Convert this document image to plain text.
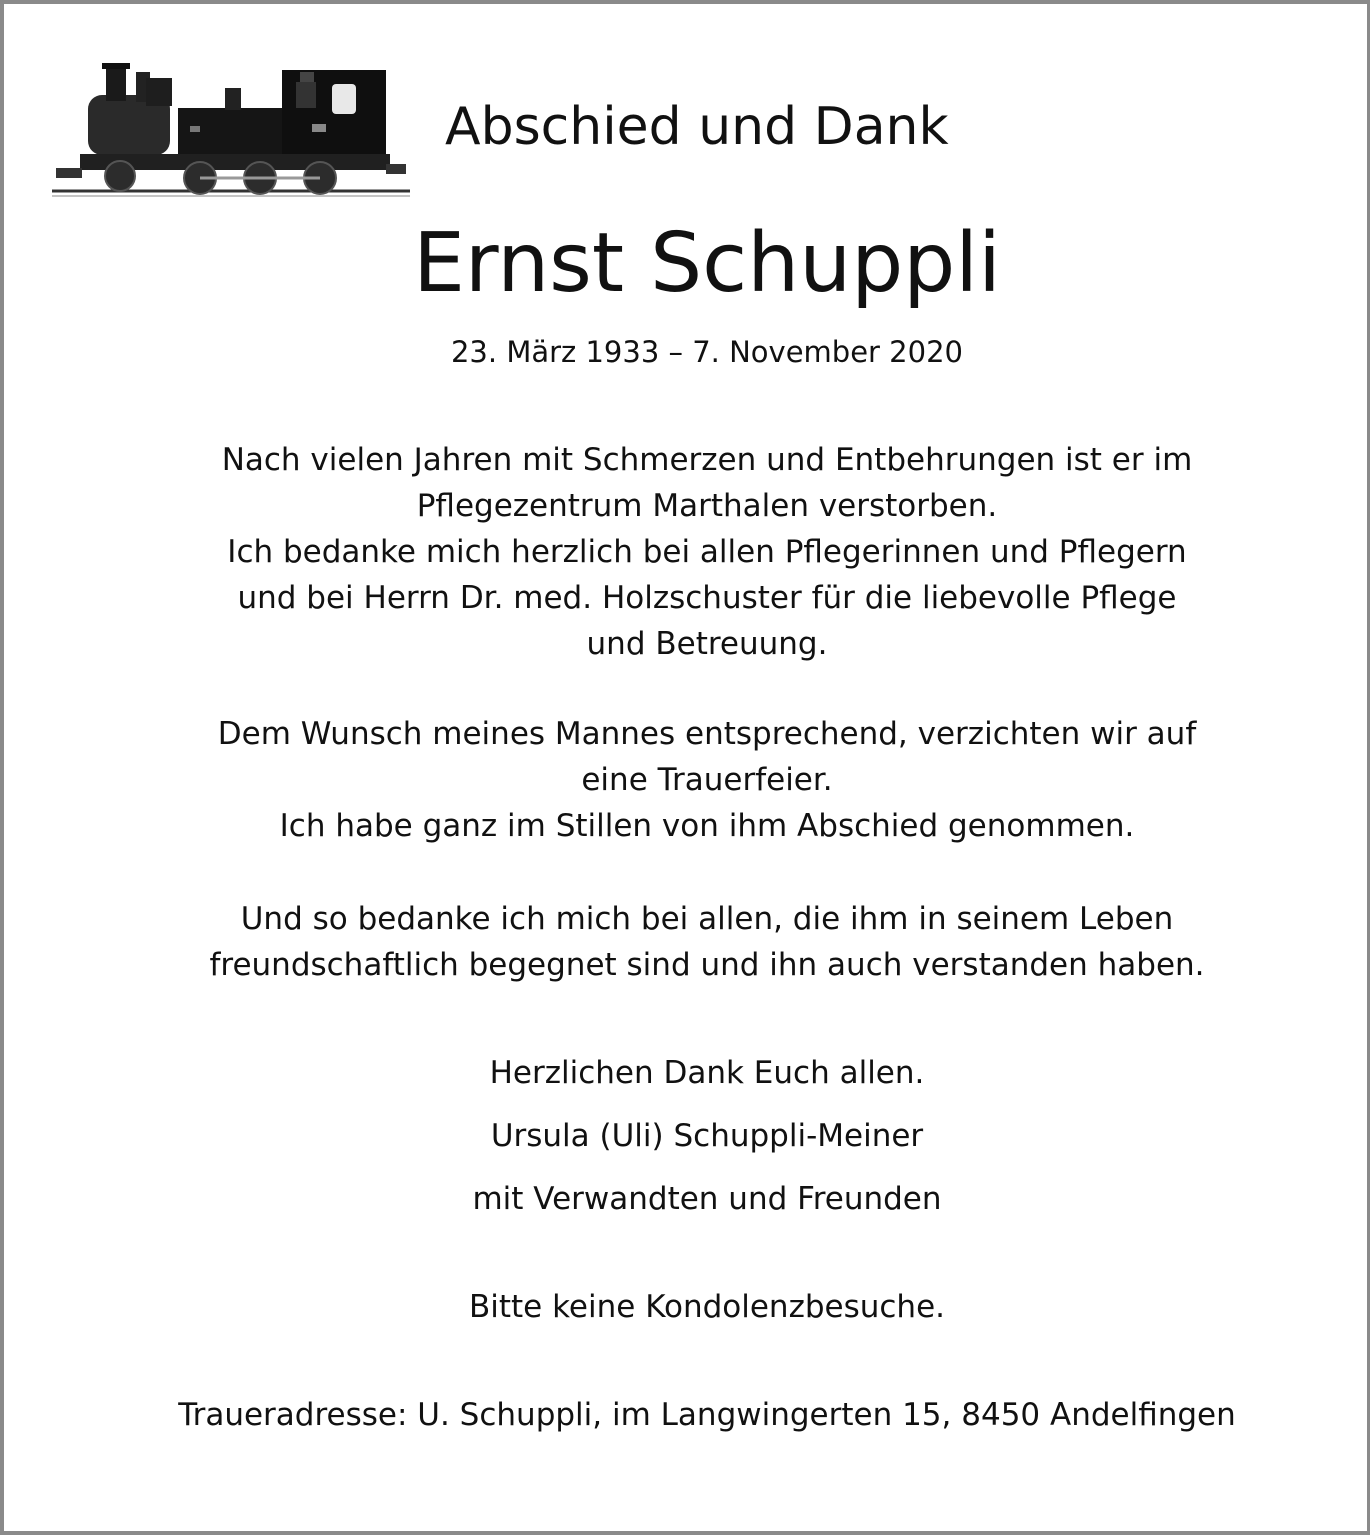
Abschied und Dank
Ernst Schuppli
23. März 1933 – 7. November 2020
Nach vielen Jahren mit Schmerzen und Entbehrungen ist er im
Pflegezentrum Marthalen verstorben.
Ich bedanke mich herzlich bei allen Pflegerinnen und Pflegern
und bei Herrn Dr. med. Holzschuster für die liebevolle Pflege
und Betreuung.
Dem Wunsch meines Mannes entsprechend, verzichten wir auf
eine Trauerfeier.
Ich habe ganz im Stillen von ihm Abschied genommen.
Und so bedanke ich mich bei allen, die ihm in seinem Leben
freundschaftlich begegnet sind und ihn auch verstanden haben.
Herzlichen Dank Euch allen.
Ursula (Uli) Schuppli-Meiner
mit Verwandten und Freunden
Bitte keine Kondolenzbesuche.
Traueradresse: U. Schuppli, im Langwingerten 15, 8450 Andelfingen
